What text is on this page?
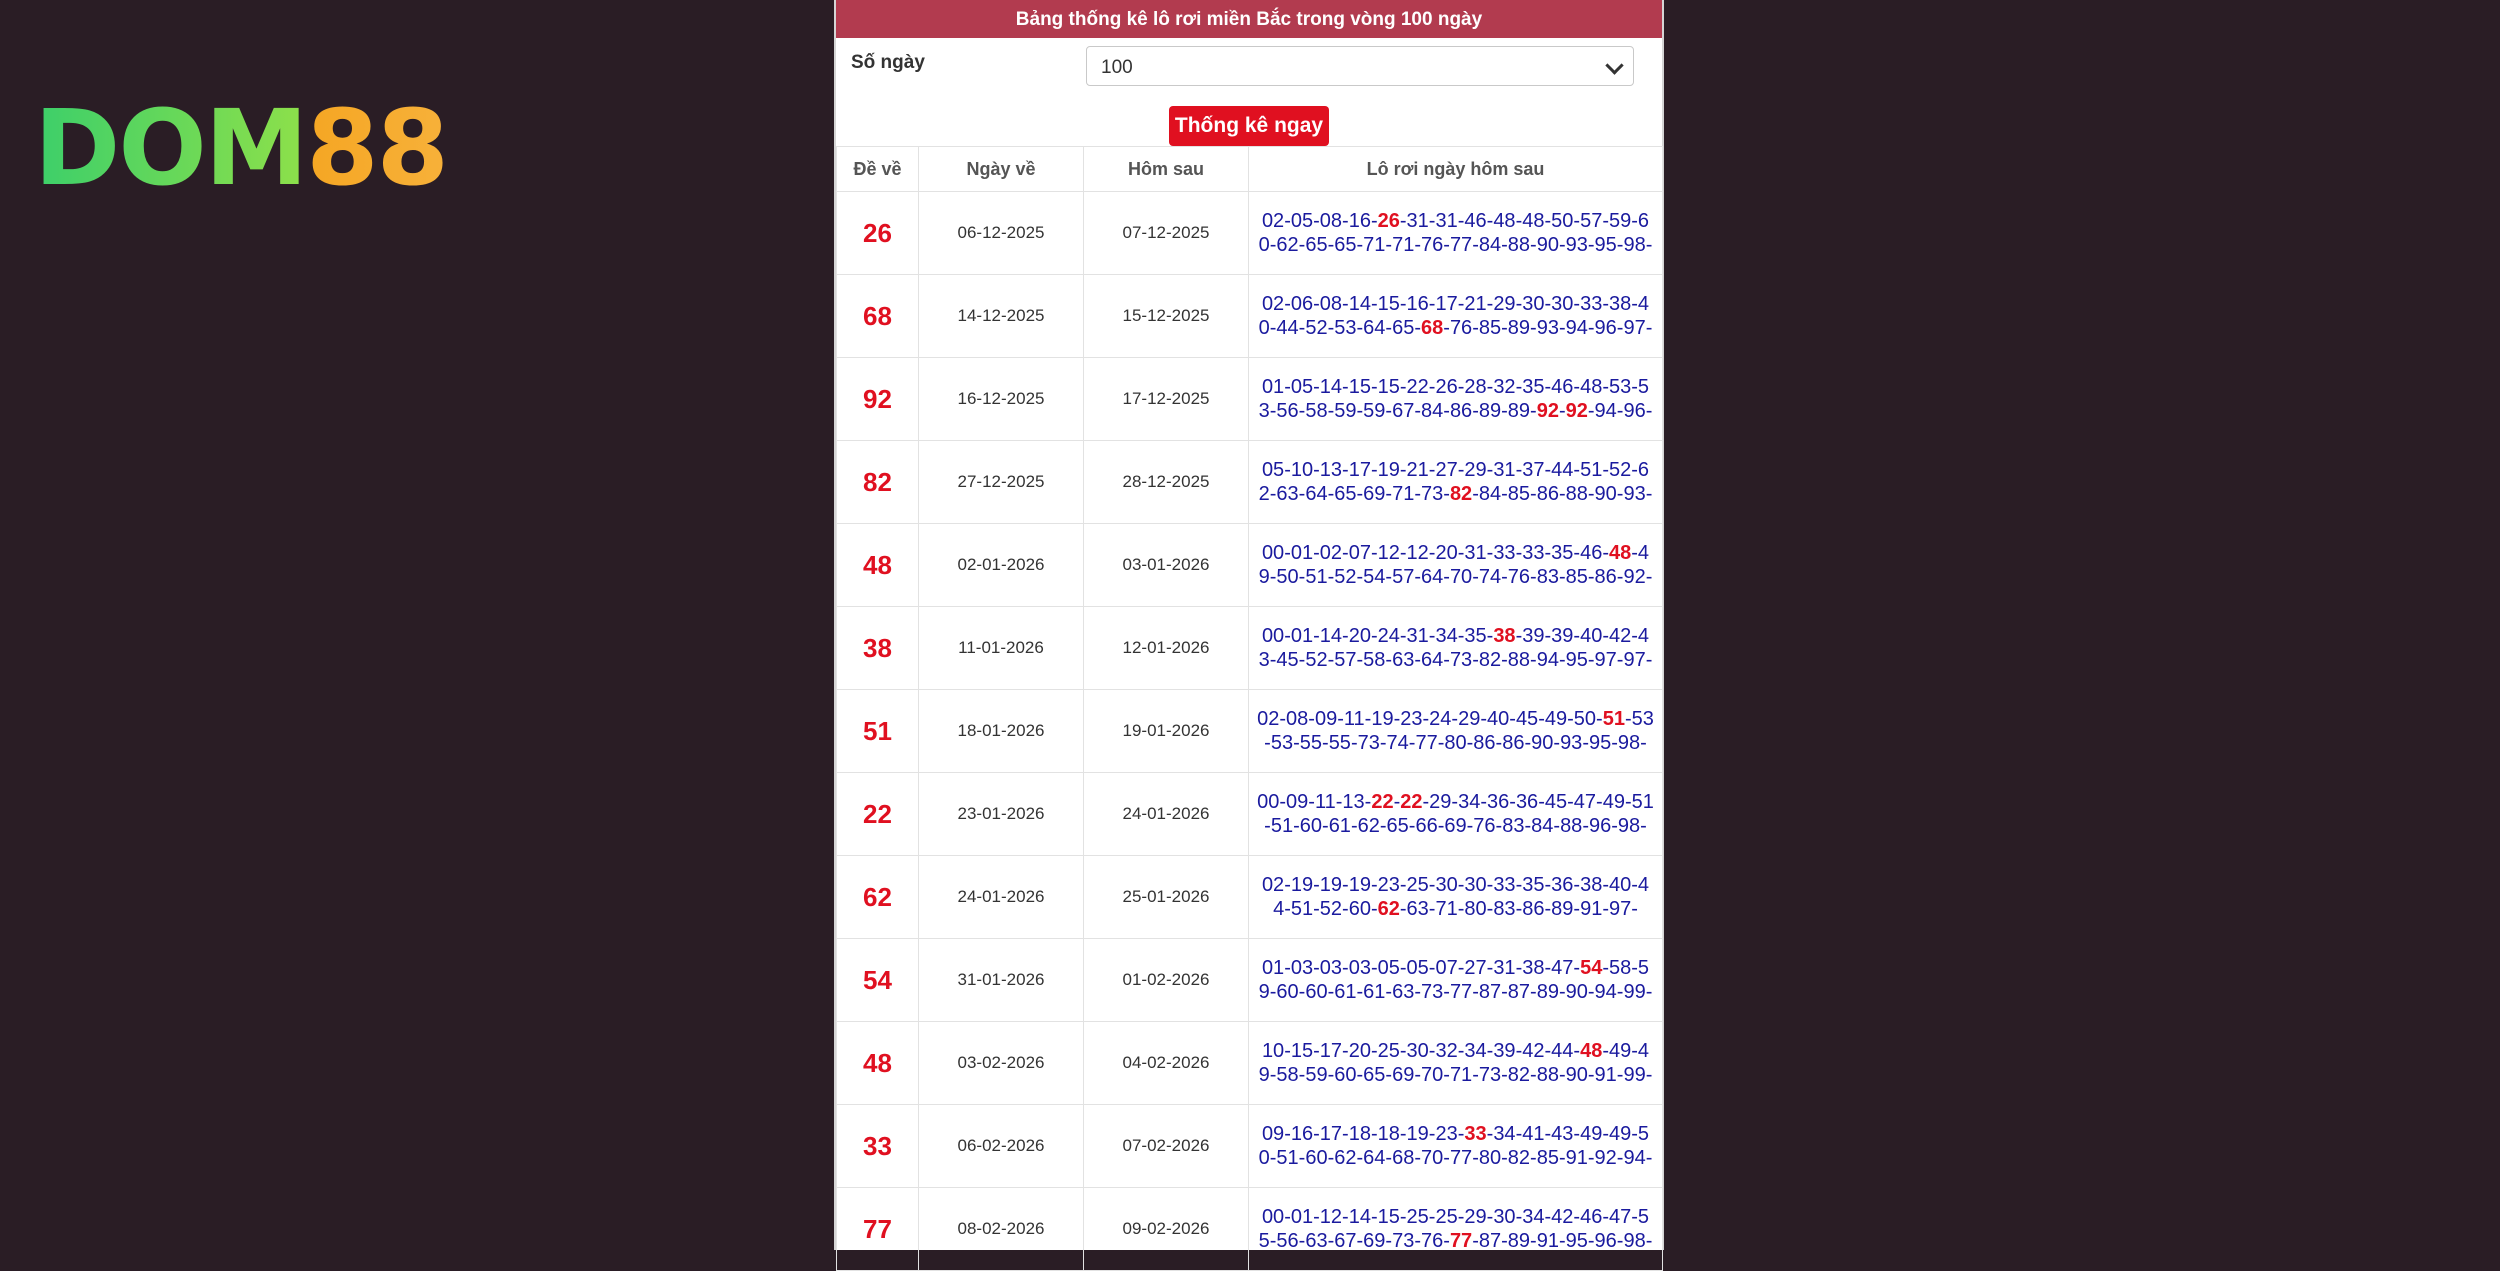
DOM88
Bảng thống kê lô rơi miền Bắc trong vòng 100 ngày
Số ngày	100
Thống kê ngay
Đề về	Ngày về	Hôm sau	Lô rơi ngày hôm sau
26	06-12-2025	07-12-2025	02-05-08-16-26-31-31-46-48-48-50-57-59-60-62-65-65-71-71-76-77-84-88-90-93-95-98-
68	14-12-2025	15-12-2025	02-06-08-14-15-16-17-21-29-30-30-33-38-40-44-52-53-64-65-68-76-85-89-93-94-96-97-
92	16-12-2025	17-12-2025	01-05-14-15-15-22-26-28-32-35-46-48-53-53-56-58-59-59-67-84-86-89-89-92-92-94-96-
82	27-12-2025	28-12-2025	05-10-13-17-19-21-27-29-31-37-44-51-52-62-63-64-65-69-71-73-82-84-85-86-88-90-93-
48	02-01-2026	03-01-2026	00-01-02-07-12-12-20-31-33-33-35-46-48-49-50-51-52-54-57-64-70-74-76-83-85-86-92-
38	11-01-2026	12-01-2026	00-01-14-20-24-31-34-35-38-39-39-40-42-43-45-52-57-58-63-64-73-82-88-94-95-97-97-
51	18-01-2026	19-01-2026	02-08-09-11-19-23-24-29-40-45-49-50-51-53-53-55-55-73-74-77-80-86-86-90-93-95-98-
22	23-01-2026	24-01-2026	00-09-11-13-22-22-29-34-36-36-45-47-49-51-51-60-61-62-65-66-69-76-83-84-88-96-98-
62	24-01-2026	25-01-2026	02-19-19-19-23-25-30-30-33-35-36-38-40-44-51-52-60-62-63-71-80-83-86-89-91-97-
54	31-01-2026	01-02-2026	01-03-03-03-05-05-07-27-31-38-47-54-58-59-60-60-61-61-63-73-77-87-87-89-90-94-99-
48	03-02-2026	04-02-2026	10-15-17-20-25-30-32-34-39-42-44-48-49-49-58-59-60-65-69-70-71-73-82-88-90-91-99-
33	06-02-2026	07-02-2026	09-16-17-18-18-19-23-33-34-41-43-49-49-50-51-60-62-64-68-70-77-80-82-85-91-92-94-
77	08-02-2026	09-02-2026	00-01-12-14-15-25-25-29-30-34-42-46-47-55-56-63-67-69-73-76-77-87-89-91-95-96-98-
